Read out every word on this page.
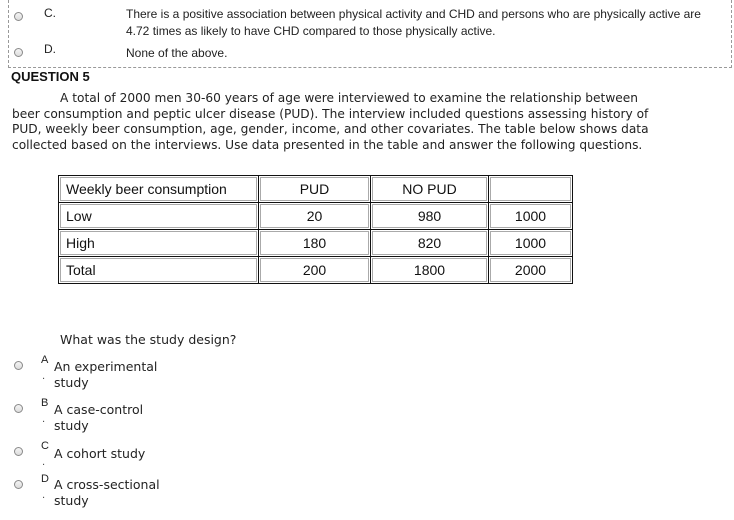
C.	There is a positive association between physical activity and CHD and persons who are physically active are 4.72 times as likely to have CHD compared to those physically active.
D.	None of the above.
QUESTION 5
A total of 2000 men 30-60 years of age were interviewed to examine the relationship between beer consumption and peptic ulcer disease (PUD). The interview included questions assessing history of PUD, weekly beer consumption, age, gender, income, and other covariates. The table below shows data collected based on the interviews. Use data presented in the table and answer the following questions.
Weekly beer consumption	PUD	NO PUD	
Low	20	980	1000
High	180	820	1000
Total	200	1800	2000
What was the study design?
A
·
An experimental
study
B
·
A case-control
study
C
·
A cohort study
D
·
A cross-sectional
study
